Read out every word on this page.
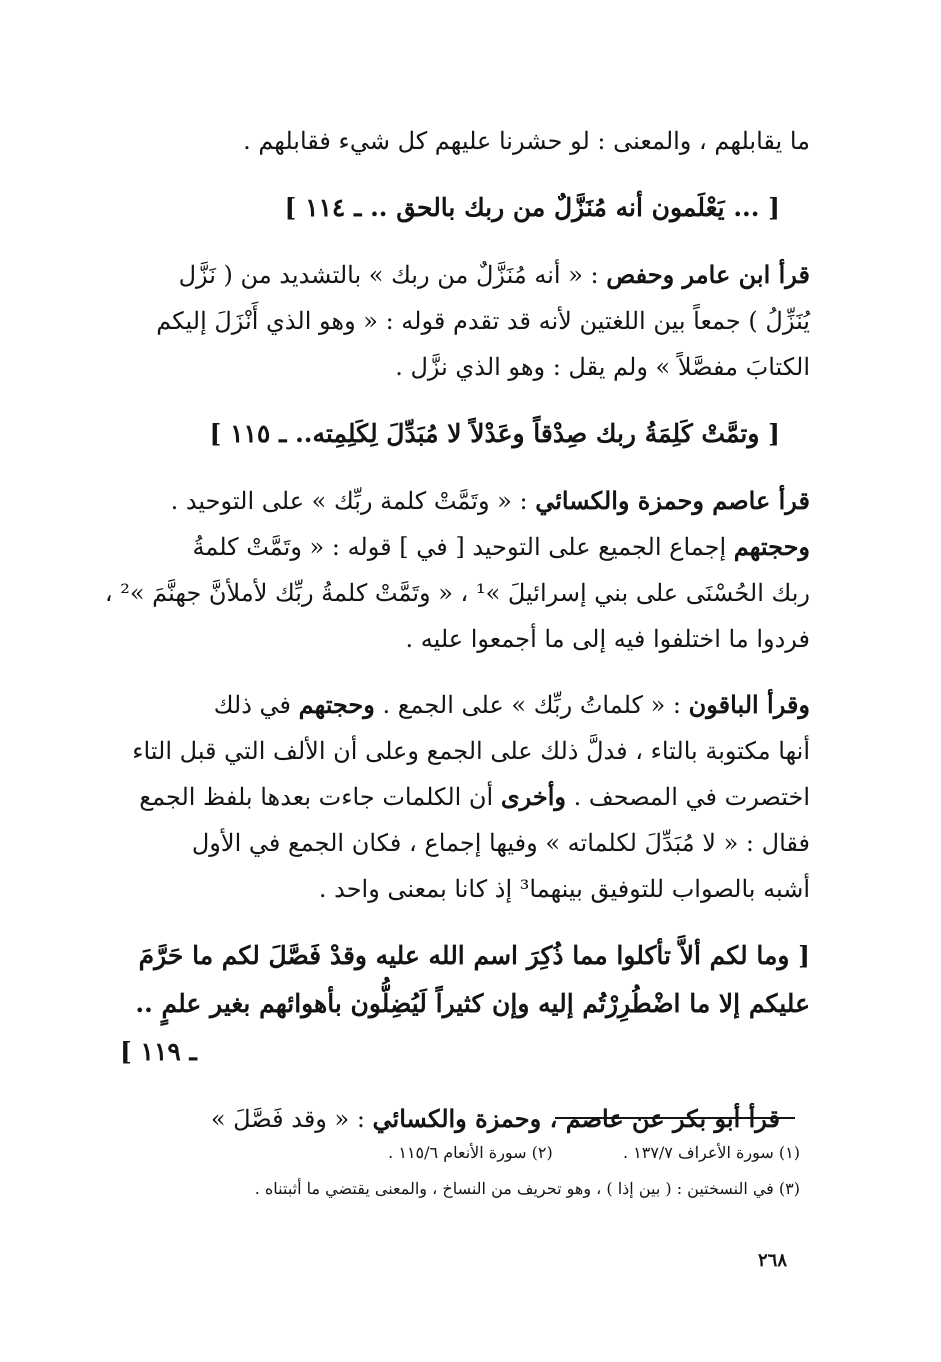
ما يقابلهم ، والمعنى : لو حشرنا عليهم كل شيء فقابلهم .
[ ... يَعْلَمون أنه مُنَزَّلٌ من ربك بالحق .. ـ ١١٤ ]
قرأ ابن عامر وحفص : « أنه مُنَزَّلٌ من ربك » بالتشديد من ( نَزَّل
يُنَزِّلُ ) جمعاً بين اللغتين لأنه قد تقدم قوله : « وهو الذي أَنْزَلَ إليكم
الكتابَ مفصَّلاً » ولم يقل : وهو الذي نزَّل .
[ وتمَّتْ كَلِمَةُ ربك صِدْقاً وعَدْلاً لا مُبَدِّلَ لِكَلِمِته.. ـ ١١٥ ]
قرأ عاصم وحمزة والكسائي : « وتَمَّتْ كلمة ربِّك » على التوحيد .
وحجتهم إجماع الجميع على التوحيد [ في ] قوله : « وتَمَّتْ كلمةُ
ربك الحُسْنَى على بني إسرائيلَ »¹ ، « وتَمَّتْ كلمةُ ربِّك لأملأنَّ جهنَّمَ »² ،
فردوا ما اختلفوا فيه إلى ما أجمعوا عليه .
وقرأ الباقون : « كلماتُ ربِّك » على الجمع . وحجتهم في ذلك
أنها مكتوبة بالتاء ، فدلَّ ذلك على الجمع وعلى أن الألف التي قبل التاء
اختصرت في المصحف . وأخرى أن الكلمات جاءت بعدها بلفظ الجمع
فقال : « لا مُبَدِّلَ لكلماته » وفيها إجماع ، فكان الجمع في الأول
أشبه بالصواب للتوفيق بينهما³ إذ كانا بمعنى واحد .
[ وما لكم ألاَّ تأكلوا مما ذُكِرَ اسم الله عليه وقدْ فَصَّلَ لكم ما حَرَّمَ
عليكم إلا ما اضْطُرِرْتُم إليه وإن كثيراً لَيُضِلُّون بأهوائهم بغير علمٍ ..
ـ ١١٩ ]
قرأ أبو بكر عن عاصم ، وحمزة والكسائي : « وقد فَصَّلَ »
(١) سورة الأعراف ١٣٧/٧ .  (٢) سورة الأنعام ١١٥/٦ .
(٣) في النسختين : ( بين إذا ) ، وهو تحريف من النساخ ، والمعنى يقتضي ما أثبتناه .
٢٦٨
